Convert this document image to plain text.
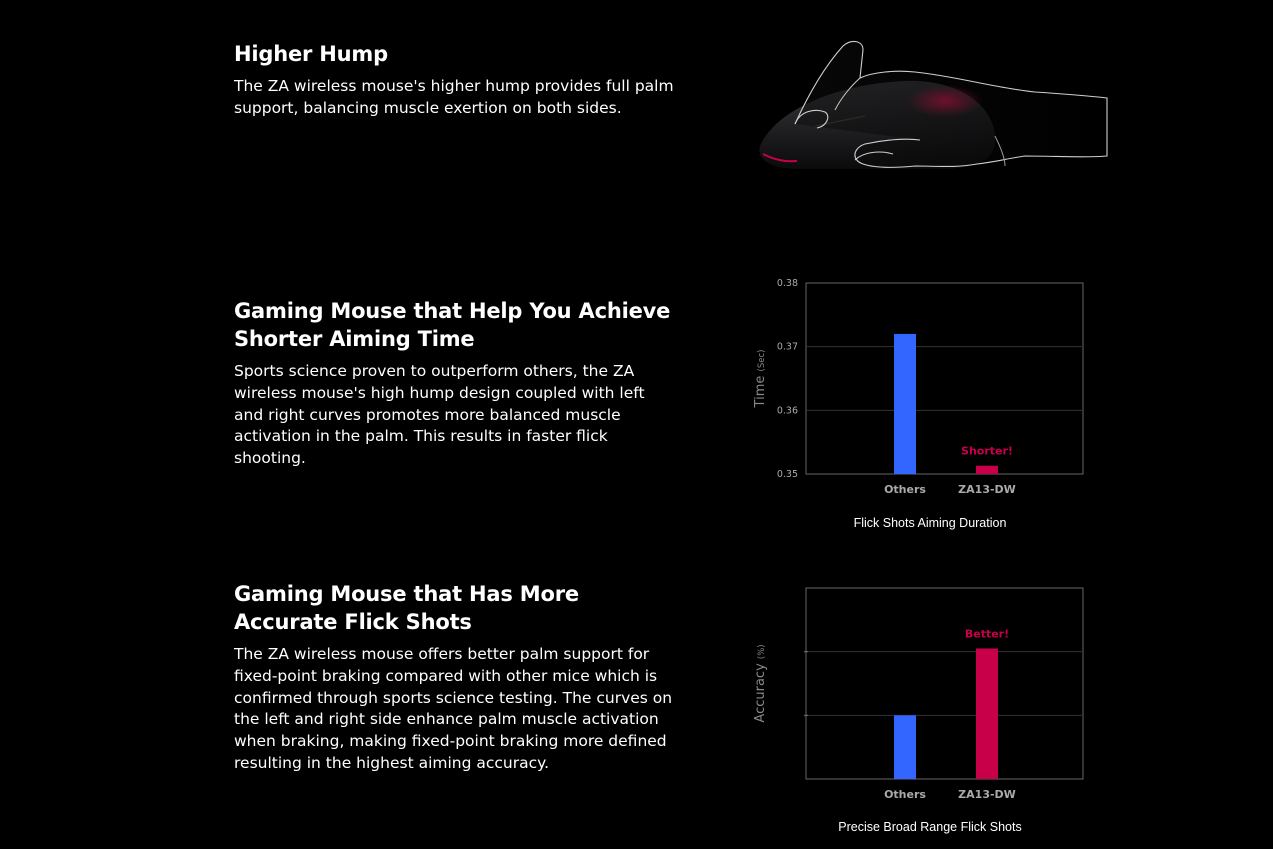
Higher Hump

The ZA wireless mouse's higher hump provides full palm support, balancing muscle exertion on both sides.

Gaming Mouse that Help You Achieve Shorter Aiming Time

Sports science proven to outperform others, the ZA wireless mouse's high hump design coupled with left and right curves promotes more balanced muscle activation in the palm. This results in faster flick shooting.

Gaming Mouse that Has More Accurate Flick Shots

The ZA wireless mouse offers better palm support for fixed-point braking compared with other mice which is confirmed through sports science testing. The curves on the left and right side enhance palm muscle activation when braking, making fixed-point braking more defined resulting in the highest aiming accuracy.

0.35
0.36
0.37
0.38
Time (Sec)
Others	ZA13-DW
Shorter!
Flick Shots Aiming Duration
Accuracy (%)
Others	ZA13-DW
Better!
Precise Broad Range Flick Shots
